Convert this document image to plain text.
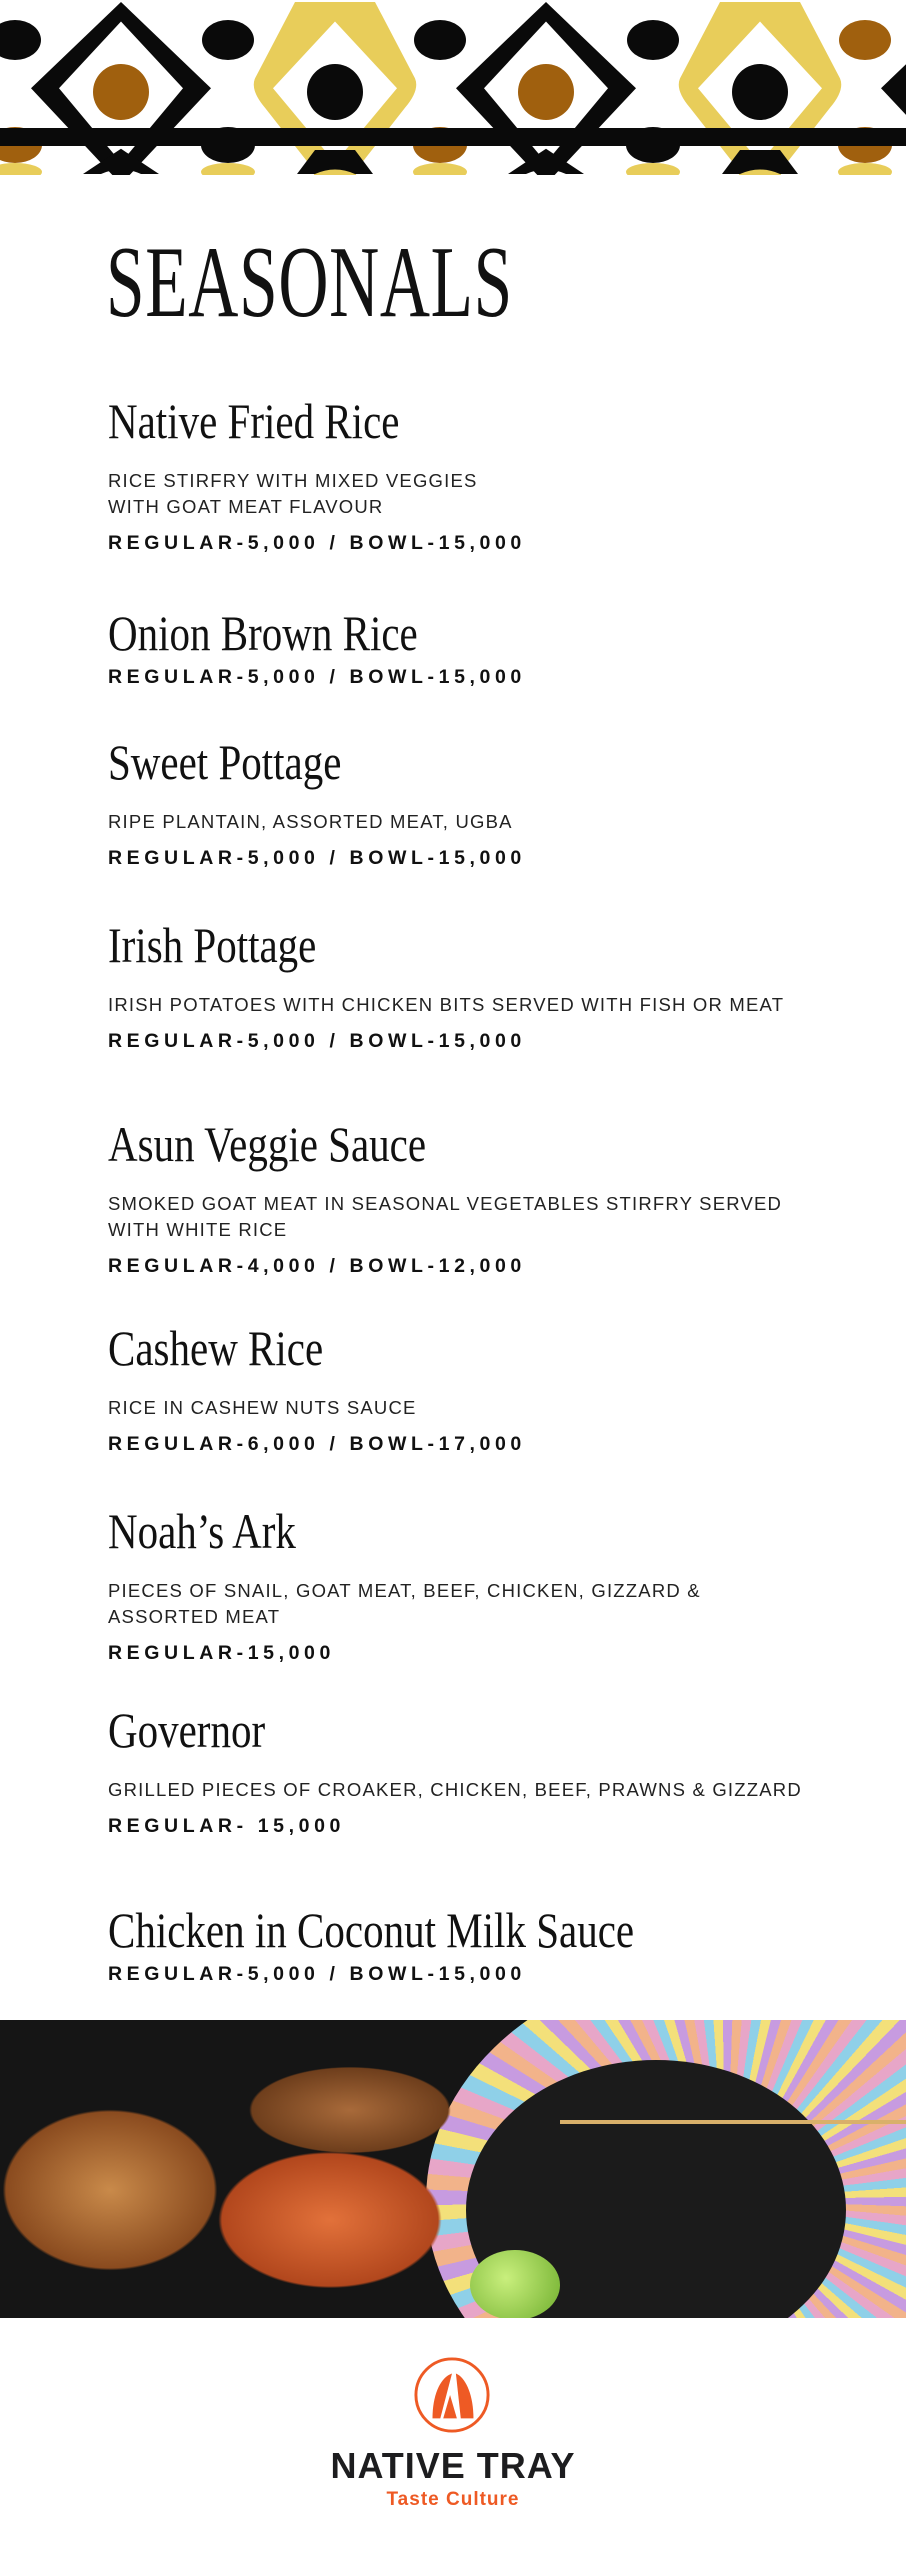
SEASONALS
Native Fried Rice
RICE STIRFRY WITH MIXED VEGGIES
WITH GOAT MEAT FLAVOUR
REGULAR-5,000 / BOWL-15,000
Onion Brown Rice
REGULAR-5,000 / BOWL-15,000
Sweet Pottage
RIPE PLANTAIN, ASSORTED MEAT, UGBA
REGULAR-5,000 / BOWL-15,000
Irish Pottage
IRISH POTATOES WITH CHICKEN BITS SERVED WITH FISH OR MEAT
REGULAR-5,000 / BOWL-15,000
Asun Veggie Sauce
SMOKED GOAT MEAT IN SEASONAL VEGETABLES STIRFRY SERVED WITH WHITE RICE
REGULAR-4,000 / BOWL-12,000
Cashew Rice
RICE IN CASHEW NUTS SAUCE
REGULAR-6,000 / BOWL-17,000
Noah’s Ark
PIECES OF SNAIL, GOAT MEAT, BEEF, CHICKEN, GIZZARD & ASSORTED MEAT
REGULAR-15,000
Governor
GRILLED PIECES OF CROAKER, CHICKEN, BEEF, PRAWNS & GIZZARD
REGULAR- 15,000
Chicken in Coconut Milk Sauce
REGULAR-5,000 / BOWL-15,000
NATIVE TRAY
Taste Culture
